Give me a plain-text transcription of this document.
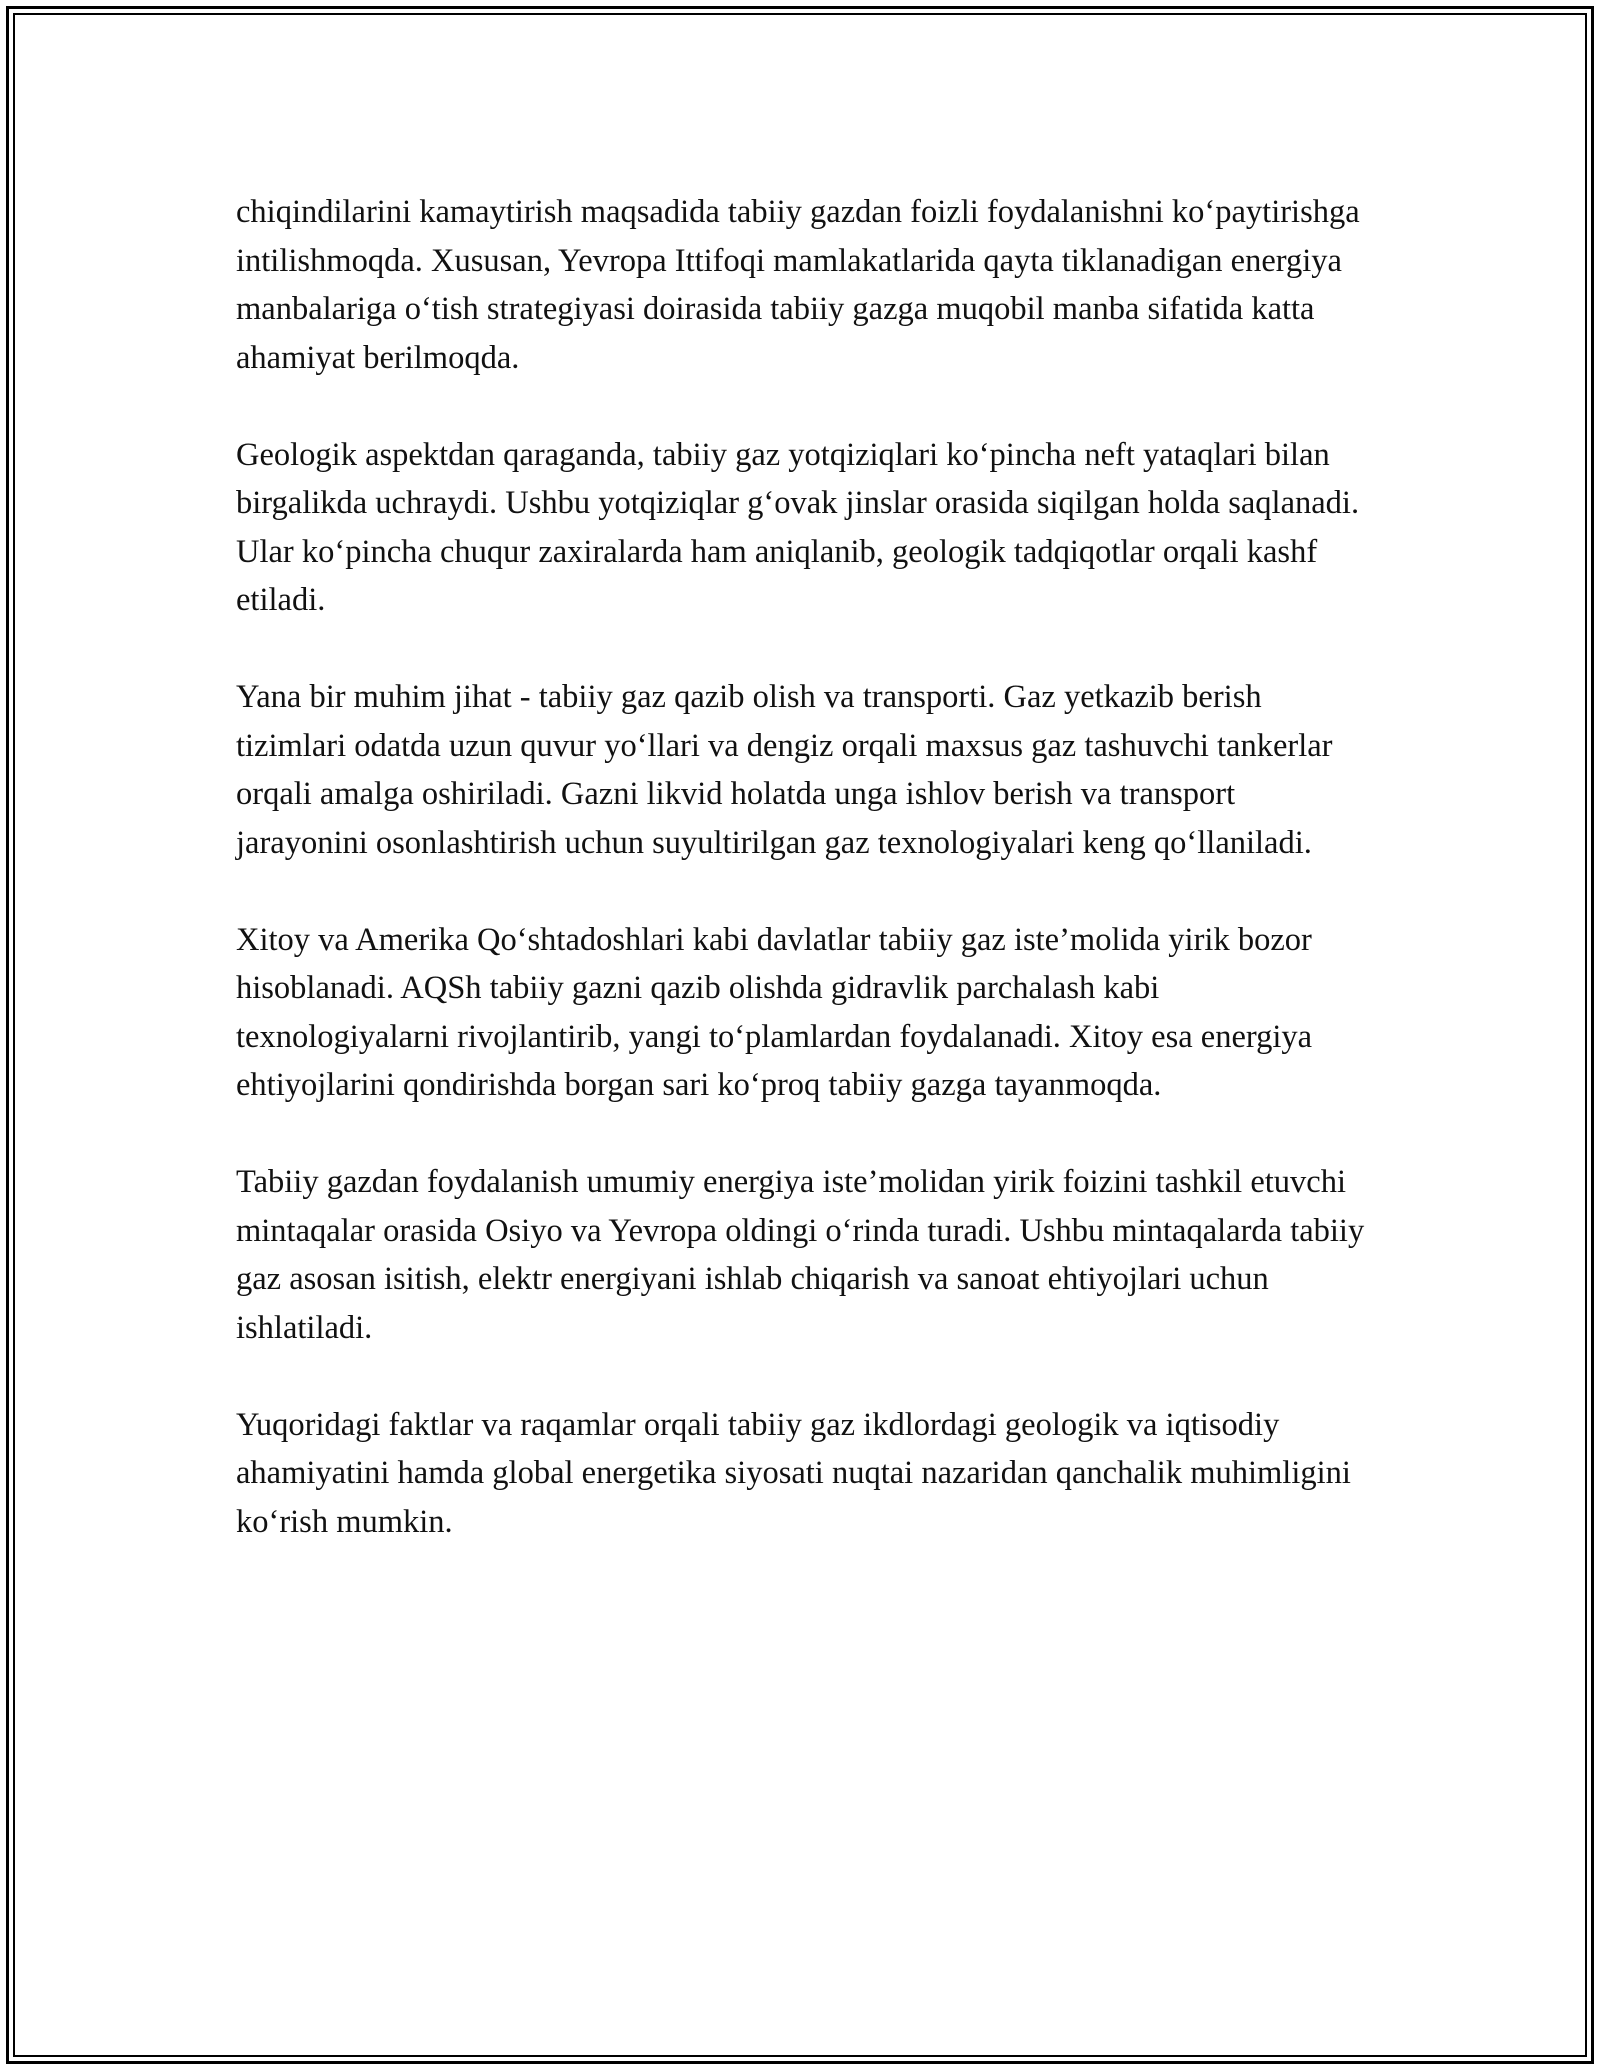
chiqindilarini kamaytirish maqsadida tabiiy gazdan foizli foydalanishni ko‘paytirishga intilishmoqda. Xususan, Yevropa Ittifoqi mamlakatlarida qayta tiklanadigan energiya manbalariga o‘tish strategiyasi doirasida tabiiy gazga muqobil manba sifatida katta ahamiyat berilmoqda.

Geologik aspektdan qaraganda, tabiiy gaz yotqiziqlari ko‘pincha neft yataqlari bilan birgalikda uchraydi. Ushbu yotqiziqlar g‘ovak jinslar orasida siqilgan holda saqlanadi. Ular ko‘pincha chuqur zaxiralarda ham aniqlanib, geologik tadqiqotlar orqali kashf etiladi.

Yana bir muhim jihat - tabiiy gaz qazib olish va transporti. Gaz yetkazib berish tizimlari odatda uzun quvur yo‘llari va dengiz orqali maxsus gaz tashuvchi tankerlar orqali amalga oshiriladi. Gazni likvid holatda unga ishlov berish va transport jarayonini osonlashtirish uchun suyultirilgan gaz texnologiyalari keng qo‘llaniladi.

Xitoy va Amerika Qo‘shtadoshlari kabi davlatlar tabiiy gaz iste’molida yirik bozor hisoblanadi. AQSh tabiiy gazni qazib olishda gidravlik parchalash kabi texnologiyalarni rivojlantirib, yangi to‘plamlardan foydalanadi. Xitoy esa energiya ehtiyojlarini qondirishda borgan sari ko‘proq tabiiy gazga tayanmoqda.

Tabiiy gazdan foydalanish umumiy energiya iste’molidan yirik foizini tashkil etuvchi mintaqalar orasida Osiyo va Yevropa oldingi o‘rinda turadi. Ushbu mintaqalarda tabiiy gaz asosan isitish, elektr energiyani ishlab chiqarish va sanoat ehtiyojlari uchun ishlatiladi.

Yuqoridagi faktlar va raqamlar orqali tabiiy gaz ikdlordagi geologik va iqtisodiy ahamiyatini hamda global energetika siyosati nuqtai nazaridan qanchalik muhimligini ko‘rish mumkin.
